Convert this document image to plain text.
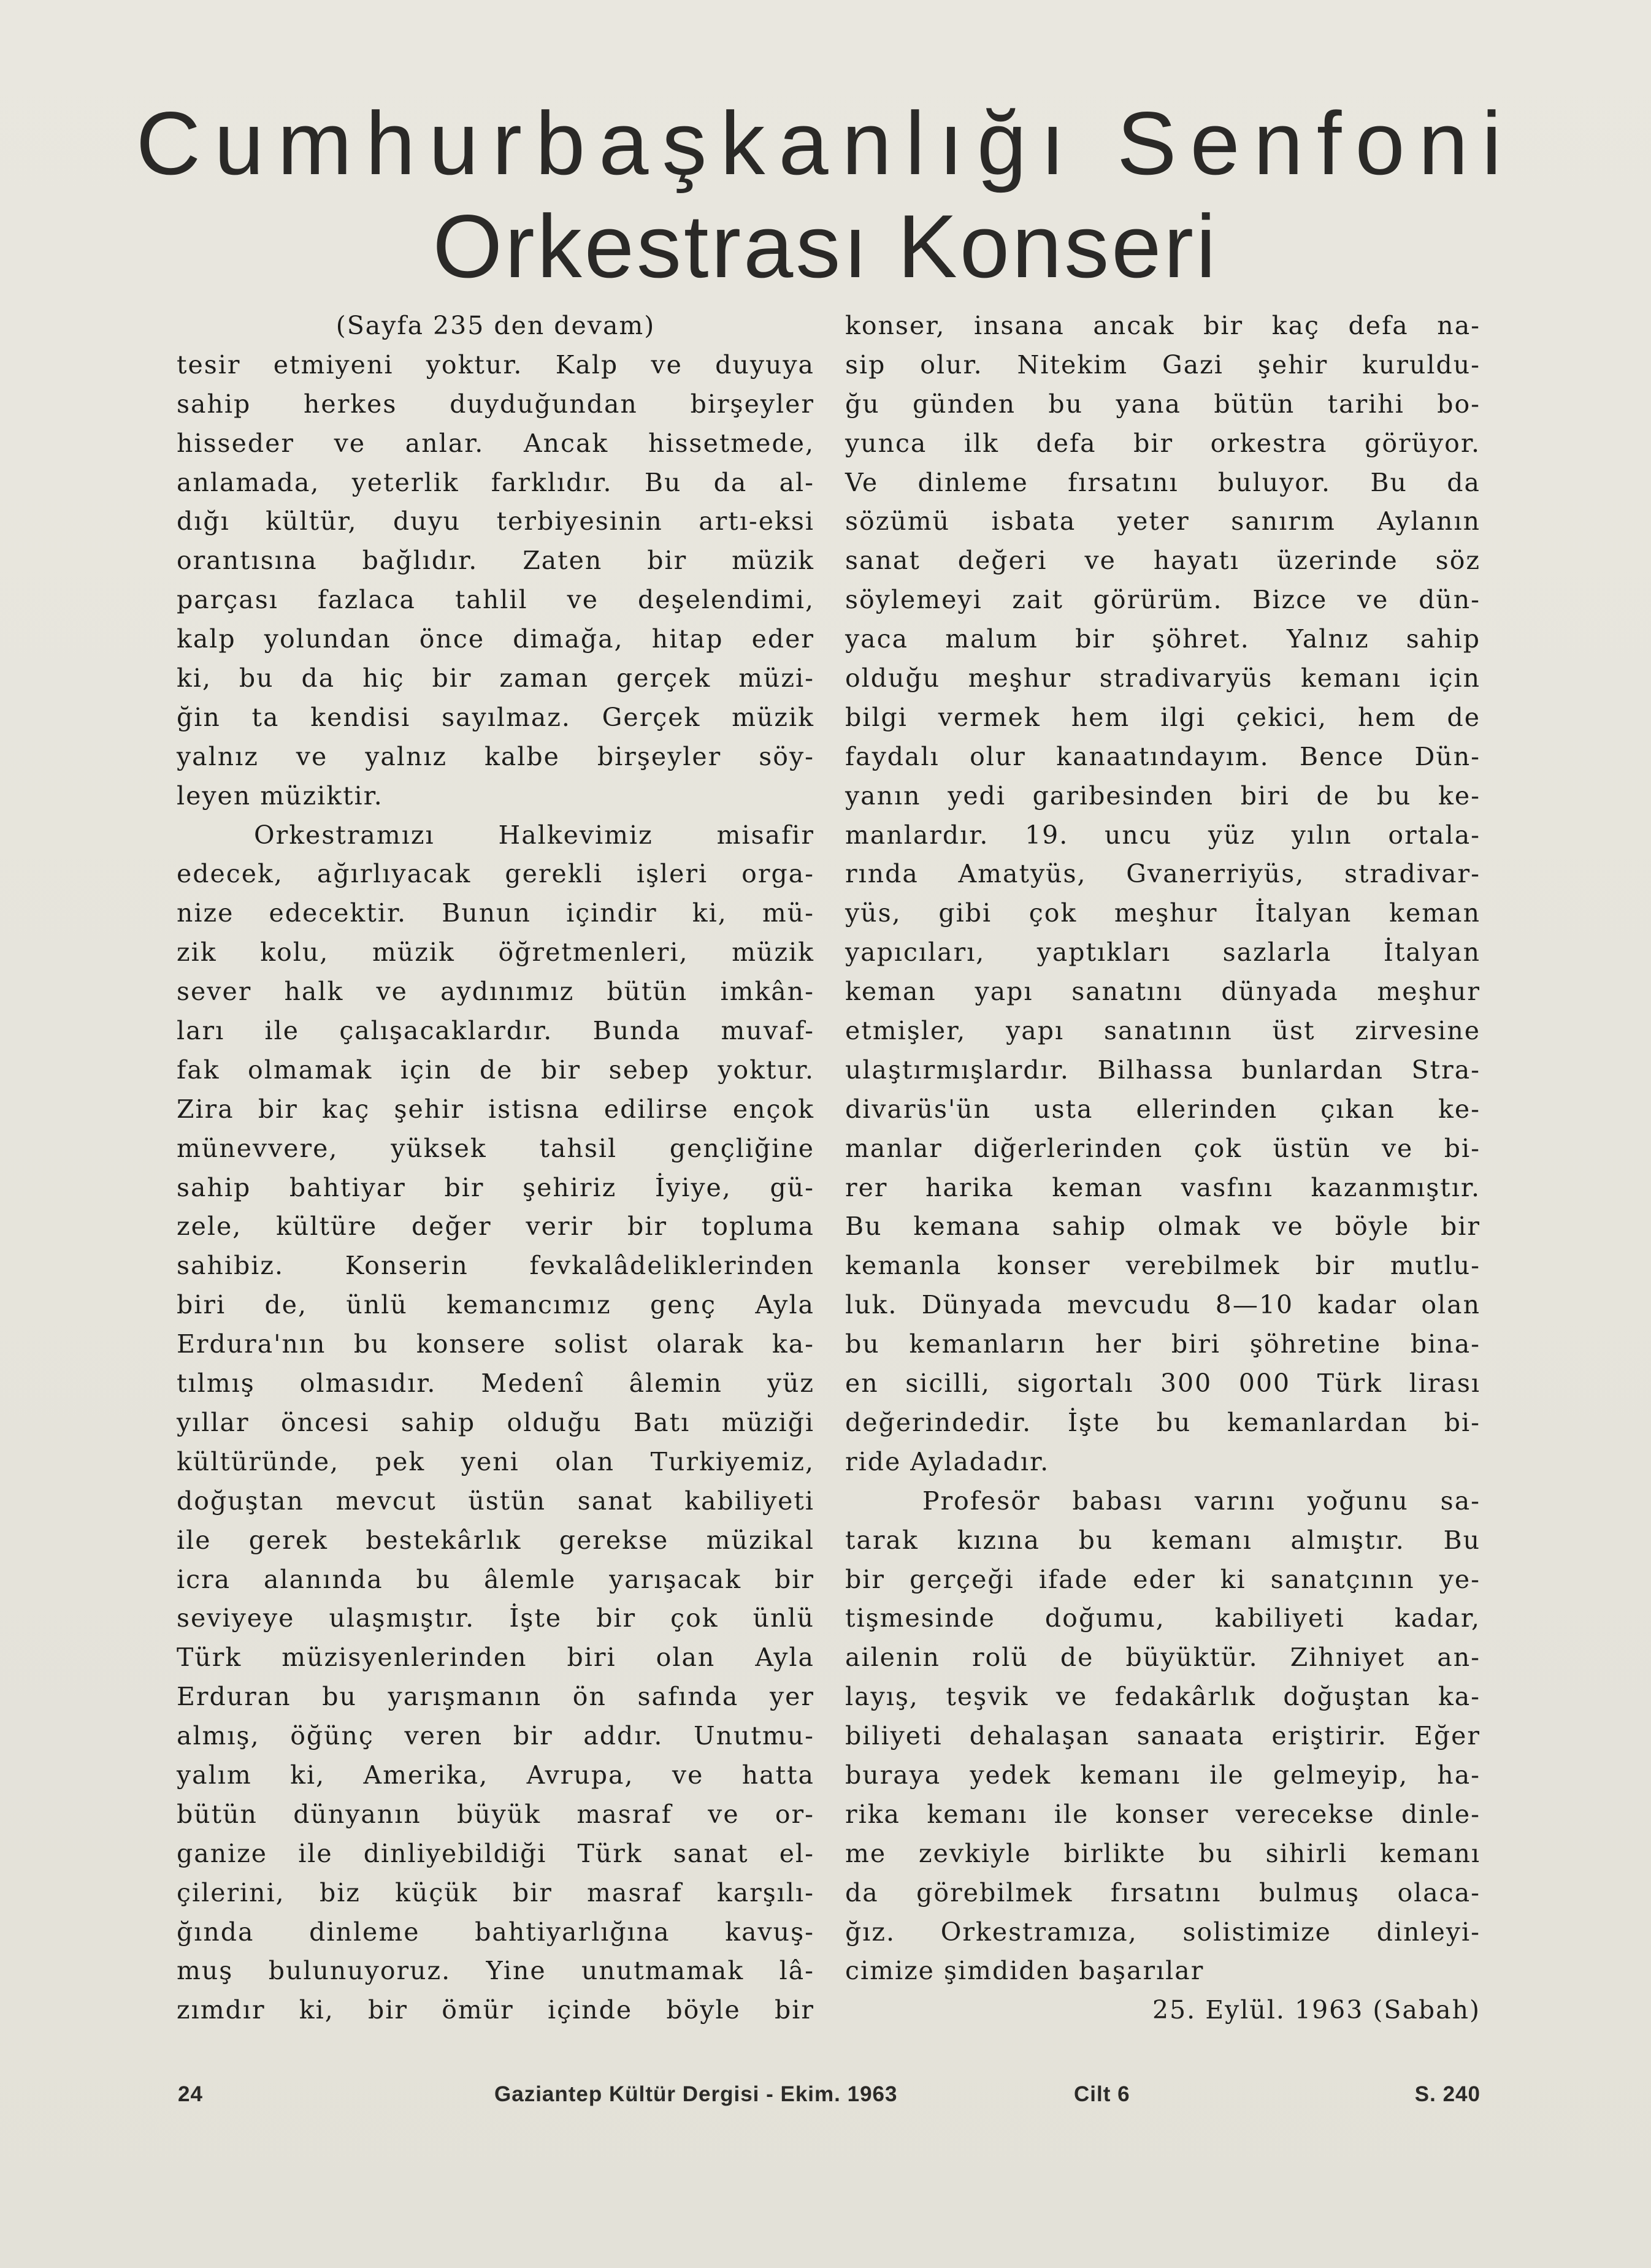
Cumhurbaşkanlığı Senfoni
Orkestrası Konseri
(Sayfa 235 den devam)
tesir etmiyeni yoktur. Kalp ve duyuya
sahip herkes duyduğundan birşeyler
hisseder ve anlar. Ancak hissetmede,
anlamada, yeterlik farklıdır. Bu da al-
dığı kültür, duyu terbiyesinin artı-eksi
orantısına bağlıdır. Zaten bir müzik
parçası fazlaca tahlil ve deşelendimi,
kalp yolundan önce dimağa, hitap eder
ki, bu da hiç bir zaman gerçek müzi-
ğin ta kendisi sayılmaz. Gerçek müzik
yalnız ve yalnız kalbe birşeyler söy-
leyen müziktir.
Orkestramızı Halkevimiz misafir
edecek, ağırlıyacak gerekli işleri orga-
nize edecektir. Bunun içindir ki, mü-
zik kolu, müzik öğretmenleri, müzik
sever halk ve aydınımız bütün imkân-
ları ile çalışacaklardır. Bunda muvaf-
fak olmamak için de bir sebep yoktur.
Zira bir kaç şehir istisna edilirse ençok
münevvere, yüksek tahsil gençliğine
sahip bahtiyar bir şehiriz İyiye, gü-
zele, kültüre değer verir bir topluma
sahibiz. Konserin fevkalâdeliklerinden
biri de, ünlü kemancımız genç Ayla
Erdura'nın bu konsere solist olarak ka-
tılmış olmasıdır. Medenî âlemin yüz
yıllar öncesi sahip olduğu Batı müziği
kültüründe, pek yeni olan Turkiyemiz,
doğuştan mevcut üstün sanat kabiliyeti
ile gerek bestekârlık gerekse müzikal
icra alanında bu âlemle yarışacak bir
seviyeye ulaşmıştır. İşte bir çok ünlü
Türk müzisyenlerinden biri olan Ayla
Erduran bu yarışmanın ön safında yer
almış, öğünç veren bir addır. Unutmu-
yalım ki, Amerika, Avrupa, ve hatta
bütün dünyanın büyük masraf ve or-
ganize ile dinliyebildiği Türk sanat el-
çilerini, biz küçük bir masraf karşılı-
ğında dinleme bahtiyarlığına kavuş-
muş bulunuyoruz. Yine unutmamak lâ-
zımdır ki, bir ömür içinde böyle bir
konser, insana ancak bir kaç defa na-
sip olur. Nitekim Gazi şehir kuruldu-
ğu günden bu yana bütün tarihi bo-
yunca ilk defa bir orkestra görüyor.
Ve dinleme fırsatını buluyor. Bu da
sözümü isbata yeter sanırım Aylanın
sanat değeri ve hayatı üzerinde söz
söylemeyi zait görürüm. Bizce ve dün-
yaca malum bir şöhret. Yalnız sahip
olduğu meşhur stradivaryüs kemanı için
bilgi vermek hem ilgi çekici, hem de
faydalı olur kanaatındayım. Bence Dün-
yanın yedi garibesinden biri de bu ke-
manlardır. 19. uncu yüz yılın ortala-
rında Amatyüs, Gvanerriyüs, stradivar-
yüs, gibi çok meşhur İtalyan keman
yapıcıları, yaptıkları sazlarla İtalyan
keman yapı sanatını dünyada meşhur
etmişler, yapı sanatının üst zirvesine
ulaştırmışlardır. Bilhassa bunlardan Stra-
divarüs'ün usta ellerinden çıkan ke-
manlar diğerlerinden çok üstün ve bi-
rer harika keman vasfını kazanmıştır.
Bu kemana sahip olmak ve böyle bir
kemanla konser verebilmek bir mutlu-
luk. Dünyada mevcudu 8—10 kadar olan
bu kemanların her biri şöhretine bina-
en sicilli, sigortalı 300 000 Türk lirası
değerindedir. İşte bu kemanlardan bi-
ride Ayladadır.
Profesör babası varını yoğunu sa-
tarak kızına bu kemanı almıştır. Bu
bir gerçeği ifade eder ki sanatçının ye-
tişmesinde doğumu, kabiliyeti kadar,
ailenin rolü de büyüktür. Zihniyet an-
layış, teşvik ve fedakârlık doğuştan ka-
biliyeti dehalaşan sanaata eriştirir. Eğer
buraya yedek kemanı ile gelmeyip, ha-
rika kemanı ile konser verecekse dinle-
me zevkiyle birlikte bu sihirli kemanı
da görebilmek fırsatını bulmuş olaca-
ğız. Orkestramıza, solistimize dinleyi-
cimize şimdiden başarılar
25. Eylül. 1963 (Sabah)
24	Gaziantep Kültür Dergisi - Ekim. 1963	Cilt 6	S. 240
